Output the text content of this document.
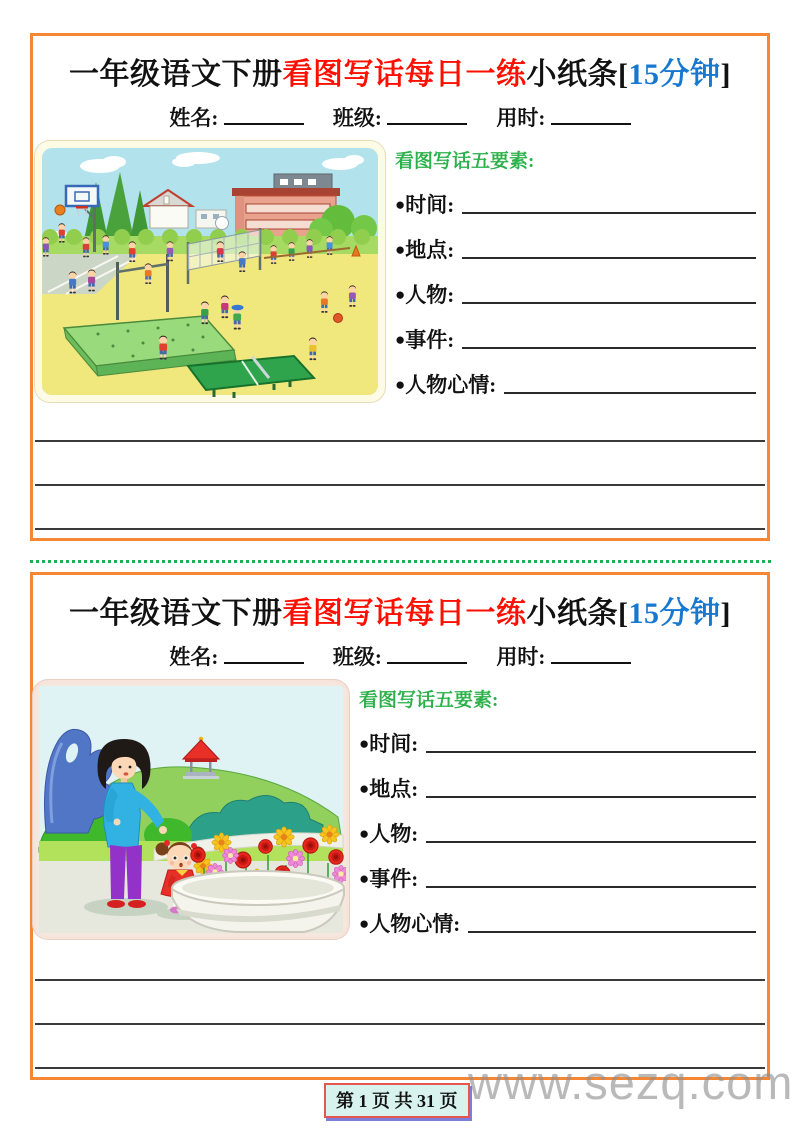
一年级语文下册看图写话每日一练小纸条[15分钟]
姓名:	班级:	用时:
看图写话五要素:
● 时间:
● 地点:
● 人物:
● 事件:
● 人物心情:
一年级语文下册看图写话每日一练小纸条[15分钟]
姓名:	班级:	用时:
看图写话五要素:
● 时间:
● 地点:
● 人物:
● 事件:
● 人物心情:
第 1 页 共 31 页 www.sezq.com
